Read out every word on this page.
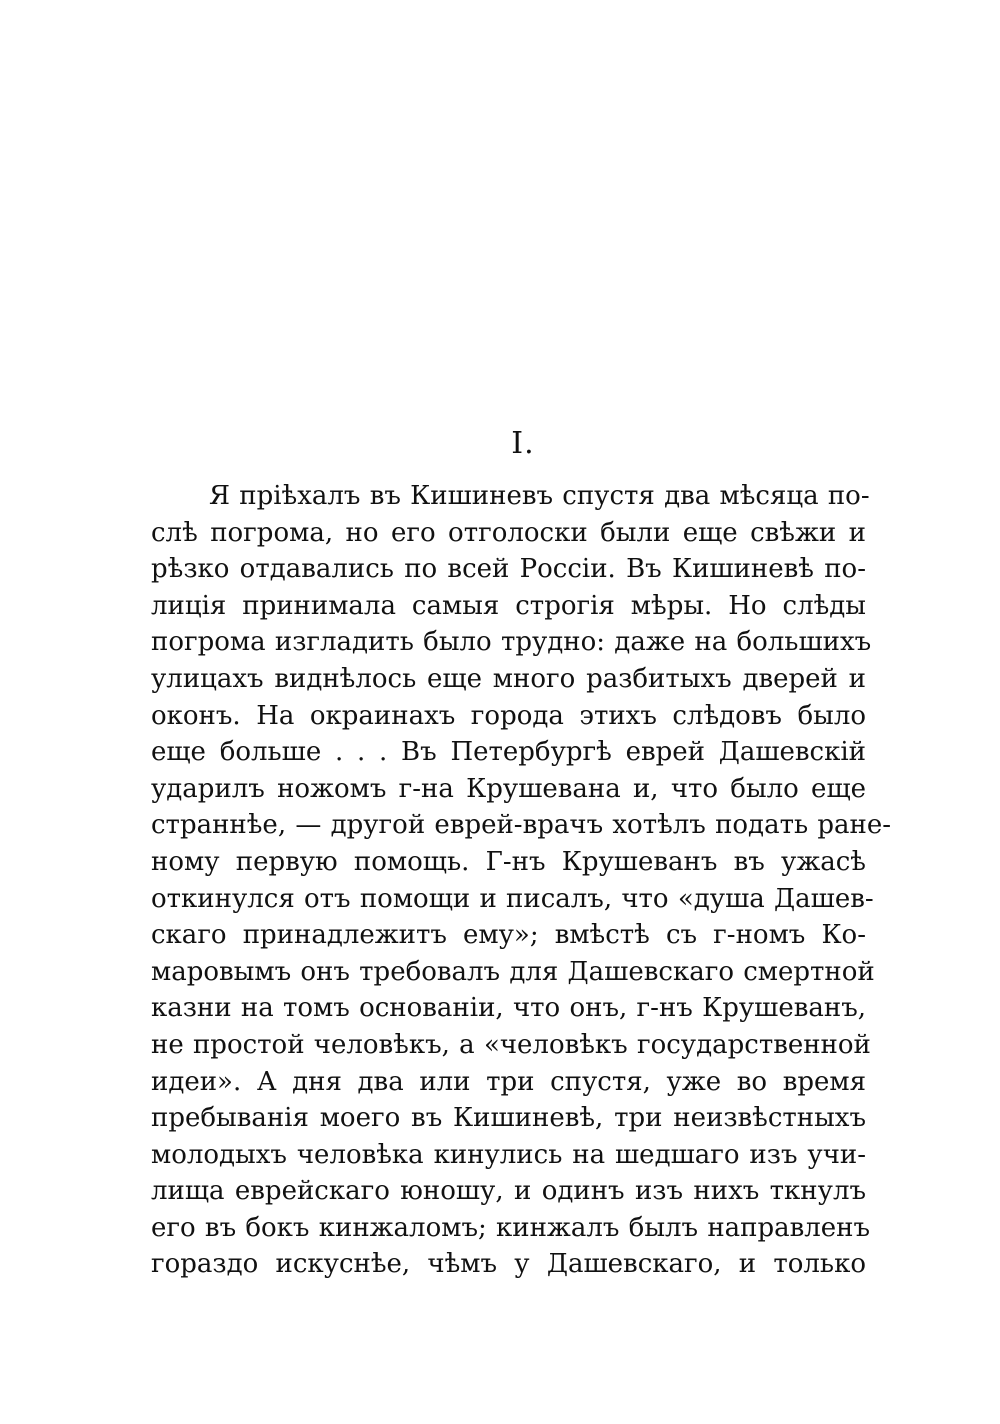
I.
Я пріѣхалъ въ Кишиневъ спустя два мѣсяца по-
слѣ погрома, но его отголоски были еще свѣжи и
рѣзко отдавались по всей Россіи. Въ Кишиневѣ по-
лиція принимала самыя строгія мѣры. Но слѣды
погрома изгладить было трудно: даже на большихъ
улицахъ виднѣлось еще много разбитыхъ дверей и
оконъ. На окраинахъ города этихъ слѣдовъ было
еще больше . . . Въ Петербургѣ еврей Дашевскій
ударилъ ножомъ г-на Крушевана и, что было еще
страннѣе, — другой еврей-врачъ хотѣлъ подать ране-
ному первую помощь. Г-нъ Крушеванъ въ ужасѣ
откинулся отъ помощи и писалъ, что «душа Дашев-
скаго принадлежитъ ему»; вмѣстѣ съ г-номъ Ко-
маровымъ онъ требовалъ для Дашевскаго смертной
казни на томъ основаніи, что онъ, г-нъ Крушеванъ,
не простой человѣкъ, а «человѣкъ государственной
идеи». А дня два или три спустя, уже во время
пребыванія моего въ Кишиневѣ, три неизвѣстныхъ
молодыхъ человѣка кинулись на шедшаго изъ учи-
лища еврейскаго юношу, и одинъ изъ нихъ ткнулъ
его въ бокъ кинжаломъ; кинжалъ былъ направленъ
гораздо искуснѣе, чѣмъ у Дашевскаго, и только
